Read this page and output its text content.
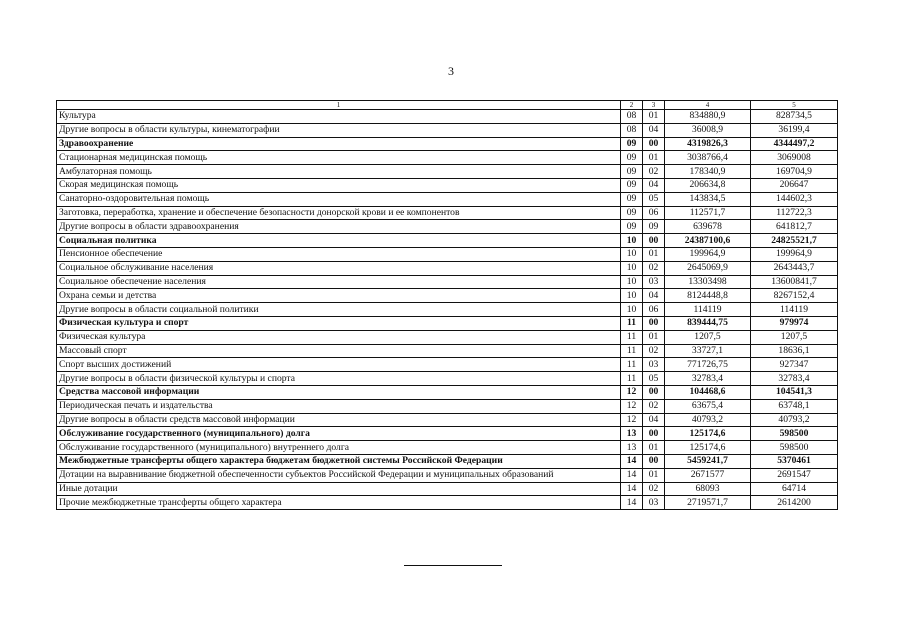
3
1	2	3	4	5
Культура	08	01	834880,9	828734,5
Другие вопросы в области культуры, кинематографии	08	04	36008,9	36199,4
Здравоохранение	09	00	4319826,3	4344497,2
Стационарная медицинская помощь	09	01	3038766,4	3069008
Амбулаторная помощь	09	02	178340,9	169704,9
Скорая медицинская помощь	09	04	206634,8	206647
Санаторно-оздоровительная помощь	09	05	143834,5	144602,3
Заготовка, переработка, хранение и обеспечение безопасности донорской крови и ее компонентов	09	06	112571,7	112722,3
Другие вопросы в области здравоохранения	09	09	639678	641812,7
Социальная политика	10	00	24387100,6	24825521,7
Пенсионное обеспечение	10	01	199964,9	199964,9
Социальное обслуживание населения	10	02	2645069,9	2643443,7
Социальное обеспечение населения	10	03	13303498	13600841,7
Охрана семьи и детства	10	04	8124448,8	8267152,4
Другие вопросы в области социальной политики	10	06	114119	114119
Физическая культура и спорт	11	00	839444,75	979974
Физическая культура	11	01	1207,5	1207,5
Массовый спорт	11	02	33727,1	18636,1
Спорт высших достижений	11	03	771726,75	927347
Другие вопросы в области физической культуры и спорта	11	05	32783,4	32783,4
Средства массовой информации	12	00	104468,6	104541,3
Периодическая печать и издательства	12	02	63675,4	63748,1
Другие вопросы в области средств массовой информации	12	04	40793,2	40793,2
Обслуживание государственного (муниципального) долга	13	00	125174,6	598500
Обслуживание государственного (муниципального) внутреннего долга	13	01	125174,6	598500
Межбюджетные трансферты общего характера бюджетам бюджетной системы Российской Федерации	14	00	5459241,7	5370461
Дотации на выравнивание бюджетной обеспеченности субъектов Российской Федерации и муниципальных образований	14	01	2671577	2691547
Иные дотации	14	02	68093	64714
Прочие межбюджетные трансферты общего характера	14	03	2719571,7	2614200
